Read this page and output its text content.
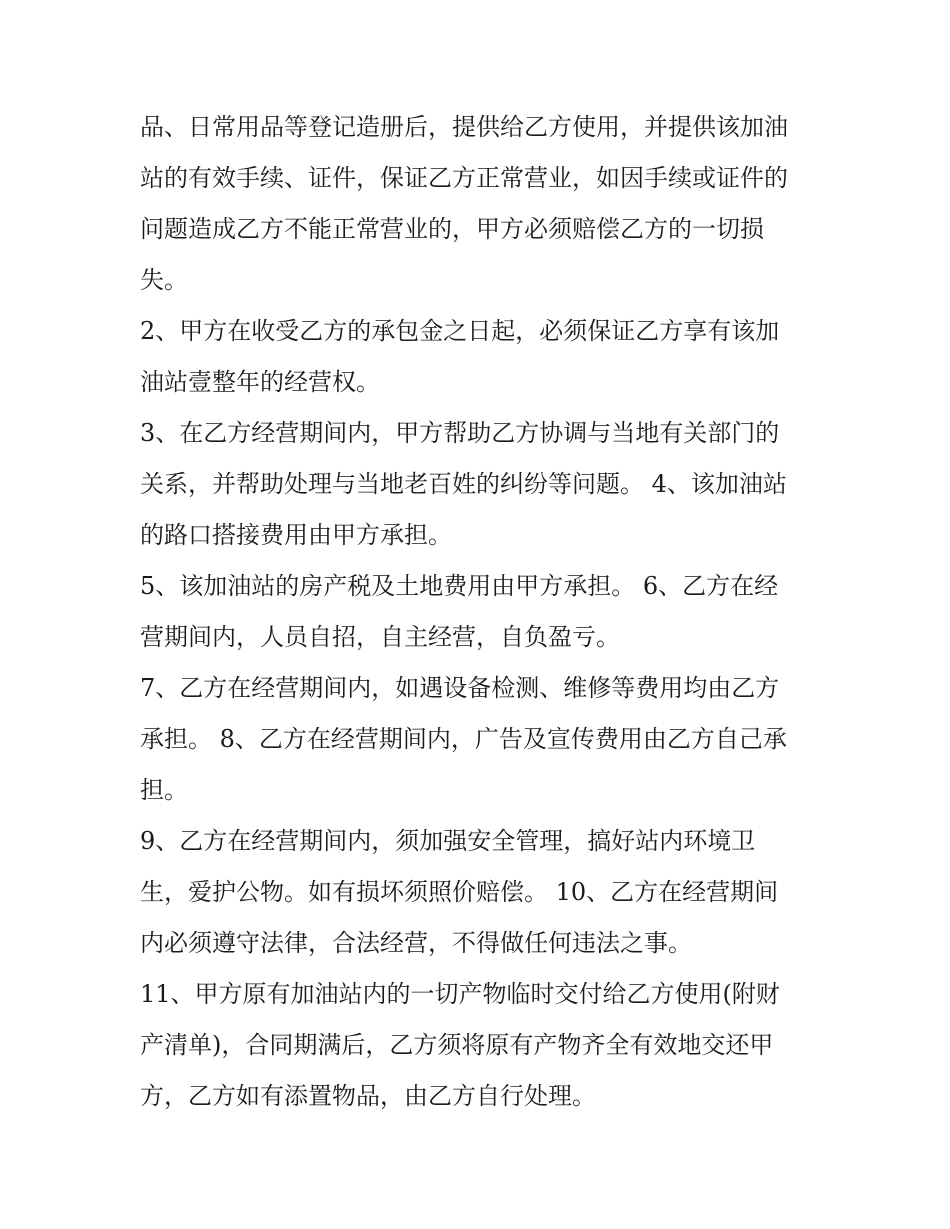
品、日常用品等登记造册后，提供给乙方使用，并提供该加油
站的有效手续、证件，保证乙方正常营业，如因手续或证件的
问题造成乙方不能正常营业的，甲方必须赔偿乙方的一切损
失。

2、甲方在收受乙方的承包金之日起，必须保证乙方享有该加
油站壹整年的经营权。

3、在乙方经营期间内，甲方帮助乙方协调与当地有关部门的
关系，并帮助处理与当地老百姓的纠纷等问题。 4、该加油站
的路口搭接费用由甲方承担。

5、该加油站的房产税及土地费用由甲方承担。 6、乙方在经
营期间内，人员自招，自主经营，自负盈亏。

7、乙方在经营期间内，如遇设备检测、维修等费用均由乙方
承担。 8、乙方在经营期间内，广告及宣传费用由乙方自己承
担。

9、乙方在经营期间内，须加强安全管理，搞好站内环境卫
生，爱护公物。如有损坏须照价赔偿。 10、乙方在经营期间
内必须遵守法律，合法经营，不得做任何违法之事。

11、甲方原有加油站内的一切产物临时交付给乙方使用(附财
产清单)，合同期满后，乙方须将原有产物齐全有效地交还甲
方，乙方如有添置物品，由乙方自行处理。
